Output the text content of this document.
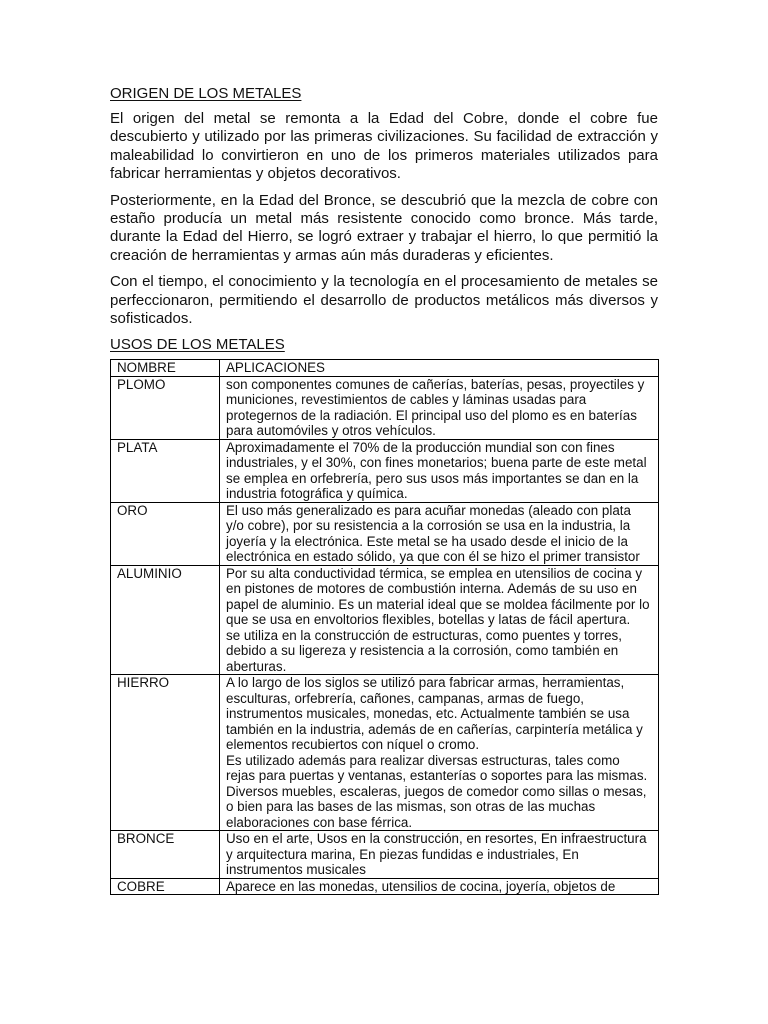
ORIGEN DE LOS METALES

El origen del metal se remonta a la Edad del Cobre, donde el cobre fue descubierto y utilizado por las primeras civilizaciones. Su facilidad de extracción y maleabilidad lo convirtieron en uno de los primeros materiales utilizados para fabricar herramientas y objetos decorativos.

Posteriormente, en la Edad del Bronce, se descubrió que la mezcla de cobre con estaño producía un metal más resistente conocido como bronce. Más tarde, durante la Edad del Hierro, se logró extraer y trabajar el hierro, lo que permitió la creación de herramientas y armas aún más duraderas y eficientes.

Con el tiempo, el conocimiento y la tecnología en el procesamiento de metales se perfeccionaron, permitiendo el desarrollo de productos metálicos más diversos y sofisticados.

USOS DE LOS METALES
NOMBRE	APLICACIONES
PLOMO	son componentes comunes de cañerías, baterías, pesas, proyectiles y municiones, revestimientos de cables y láminas usadas para protegernos de la radiación. El principal uso del plomo es en baterías para automóviles y otros vehículos.

PLATA	Aproximadamente el 70% de la producción mundial son con fines industriales, y el 30%, con fines monetarios; buena parte de este metal se emplea en orfebrería, pero sus usos más importantes se dan en la industria fotográfica y química.

ORO	El uso más generalizado es para acuñar monedas (aleado con plata y/o cobre), por su resistencia a la corrosión se usa en la industria, la joyería y la electrónica. Este metal se ha usado desde el inicio de la electrónica en estado sólido, ya que con él se hizo el primer transistor

ALUMINIO	Por su alta conductividad térmica, se emplea en utensilios de cocina y en pistones de motores de combustión interna. Además de su uso en papel de aluminio. Es un material ideal que se moldea fácilmente por lo que se usa en envoltorios flexibles, botellas y latas de fácil apertura.
se utiliza en la construcción de estructuras, como puentes y torres, debido a su ligereza y resistencia a la corrosión, como también en aberturas.

HIERRO	A lo largo de los siglos se utilizó para fabricar armas, herramientas, esculturas, orfebrería, cañones, campanas, armas de fuego, instrumentos musicales, monedas, etc. Actualmente también se usa también en la industria, además de en cañerías, carpintería metálica y elementos recubiertos con níquel o cromo.
Es utilizado además para realizar diversas estructuras, tales como rejas para puertas y ventanas, estanterías o soportes para las mismas. Diversos muebles, escaleras, juegos de comedor como sillas o mesas, o bien para las bases de las mismas, son otras de las muchas elaboraciones con base férrica.

BRONCE	Uso en el arte, Usos en la construcción, en resortes, En infraestructura y arquitectura marina, En piezas fundidas e industriales, En instrumentos musicales

COBRE	Aparece en las monedas, utensilios de cocina, joyería, objetos de
